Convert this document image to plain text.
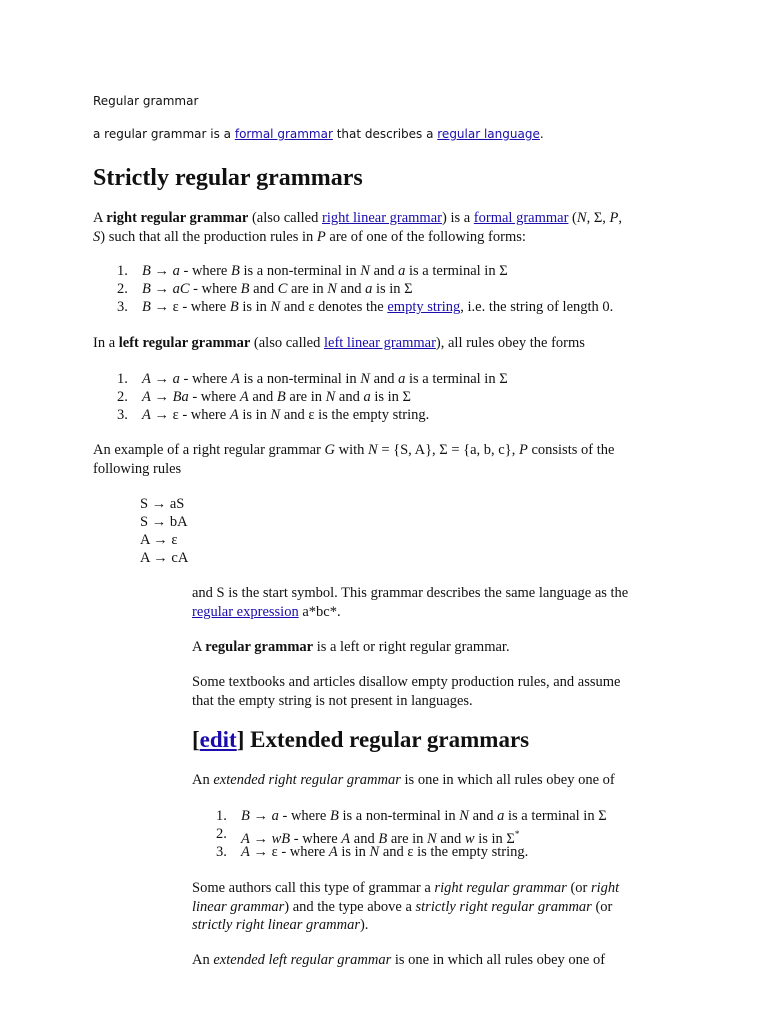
Regular grammar
a regular grammar is a formal grammar that describes a regular language.
Strictly regular grammars
A right regular grammar (also called right linear grammar) is a formal grammar (N, Σ, P,
S) such that all the production rules in P are of one of the following forms:
1. B → a - where B is a non-terminal in N and a is a terminal in Σ
2. B → aC - where B and C are in N and a is in Σ
3. B → ε - where B is in N and ε denotes the empty string, i.e. the string of length 0.
In a left regular grammar (also called left linear grammar), all rules obey the forms
1. A → a - where A is a non-terminal in N and a is a terminal in Σ
2. A → Ba - where A and B are in N and a is in Σ
3. A → ε - where A is in N and ε is the empty string.
An example of a right regular grammar G with N = {S, A}, Σ = {a, b, c}, P consists of the
following rules
S → aS
S → bA
A → ε
A → cA
and S is the start symbol. This grammar describes the same language as the
regular expression a*bc*.
A regular grammar is a left or right regular grammar.
Some textbooks and articles disallow empty production rules, and assume
that the empty string is not present in languages.
[edit] Extended regular grammars
An extended right regular grammar is one in which all rules obey one of
1. B → a - where B is a non-terminal in N and a is a terminal in Σ
2. A → wB - where A and B are in N and w is in Σ*
3. A → ε - where A is in N and ε is the empty string.
Some authors call this type of grammar a right regular grammar (or right
linear grammar) and the type above a strictly right regular grammar (or
strictly right linear grammar).
An extended left regular grammar is one in which all rules obey one of
